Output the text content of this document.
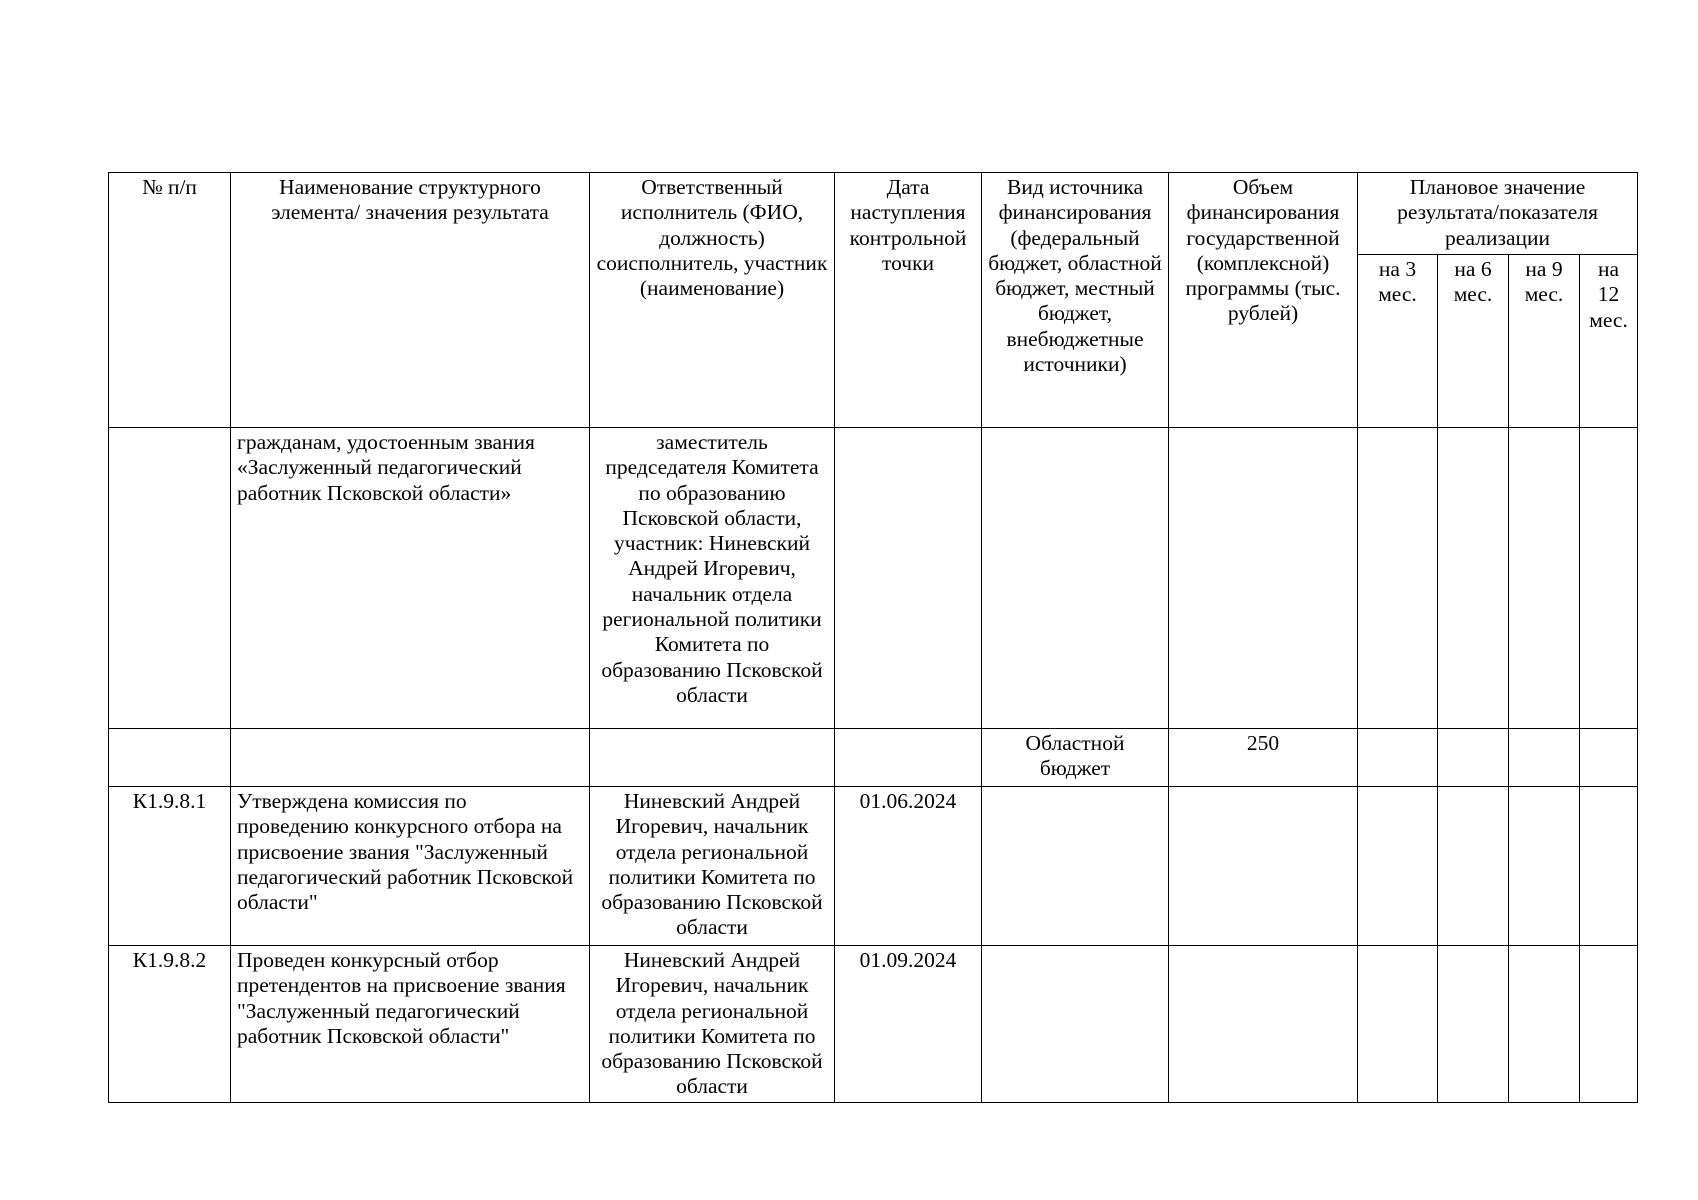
№ п/п	Наименование структурного элемента/ значения результата	Ответственный исполнитель (ФИО, должность) соисполнитель, участник (наименование)	Дата наступления контрольной точки	Вид источника финансирования (федеральный бюджет, областной бюджет, местный бюджет, внебюджетные источники)	Объем финансирования государственной (комплексной) программы (тыс. рублей)	Плановое значение результата/показателя реализации			
						на 3 мес.	на 6 мес.	на 9 мес.	на 12 мес.
	гражданам, удостоенным звания «Заслуженный педагогический работник Псковской области»	заместитель председателя Комитета по образованию Псковской области, участник: Нинeвский Андрей Игоревич, начальник отдела региональной политики Комитета по образованию Псковской области							
				Областной бюджет	250				
К1.9.8.1	Утверждена комиссия по проведению конкурсного отбора на присвоение звания "Заслуженный педагогический работник Псковской области"	Нинeвский Андрей Игоревич, начальник отдела региональной политики Комитета по образованию Псковской области	01.06.2024						
К1.9.8.2	Проведен конкурсный отбор претендентов на присвоение звания "Заслуженный педагогический работник Псковской области"	Нинeвский Андрей Игоревич, начальник отдела региональной политики Комитета по образованию Псковской области	01.09.2024						
